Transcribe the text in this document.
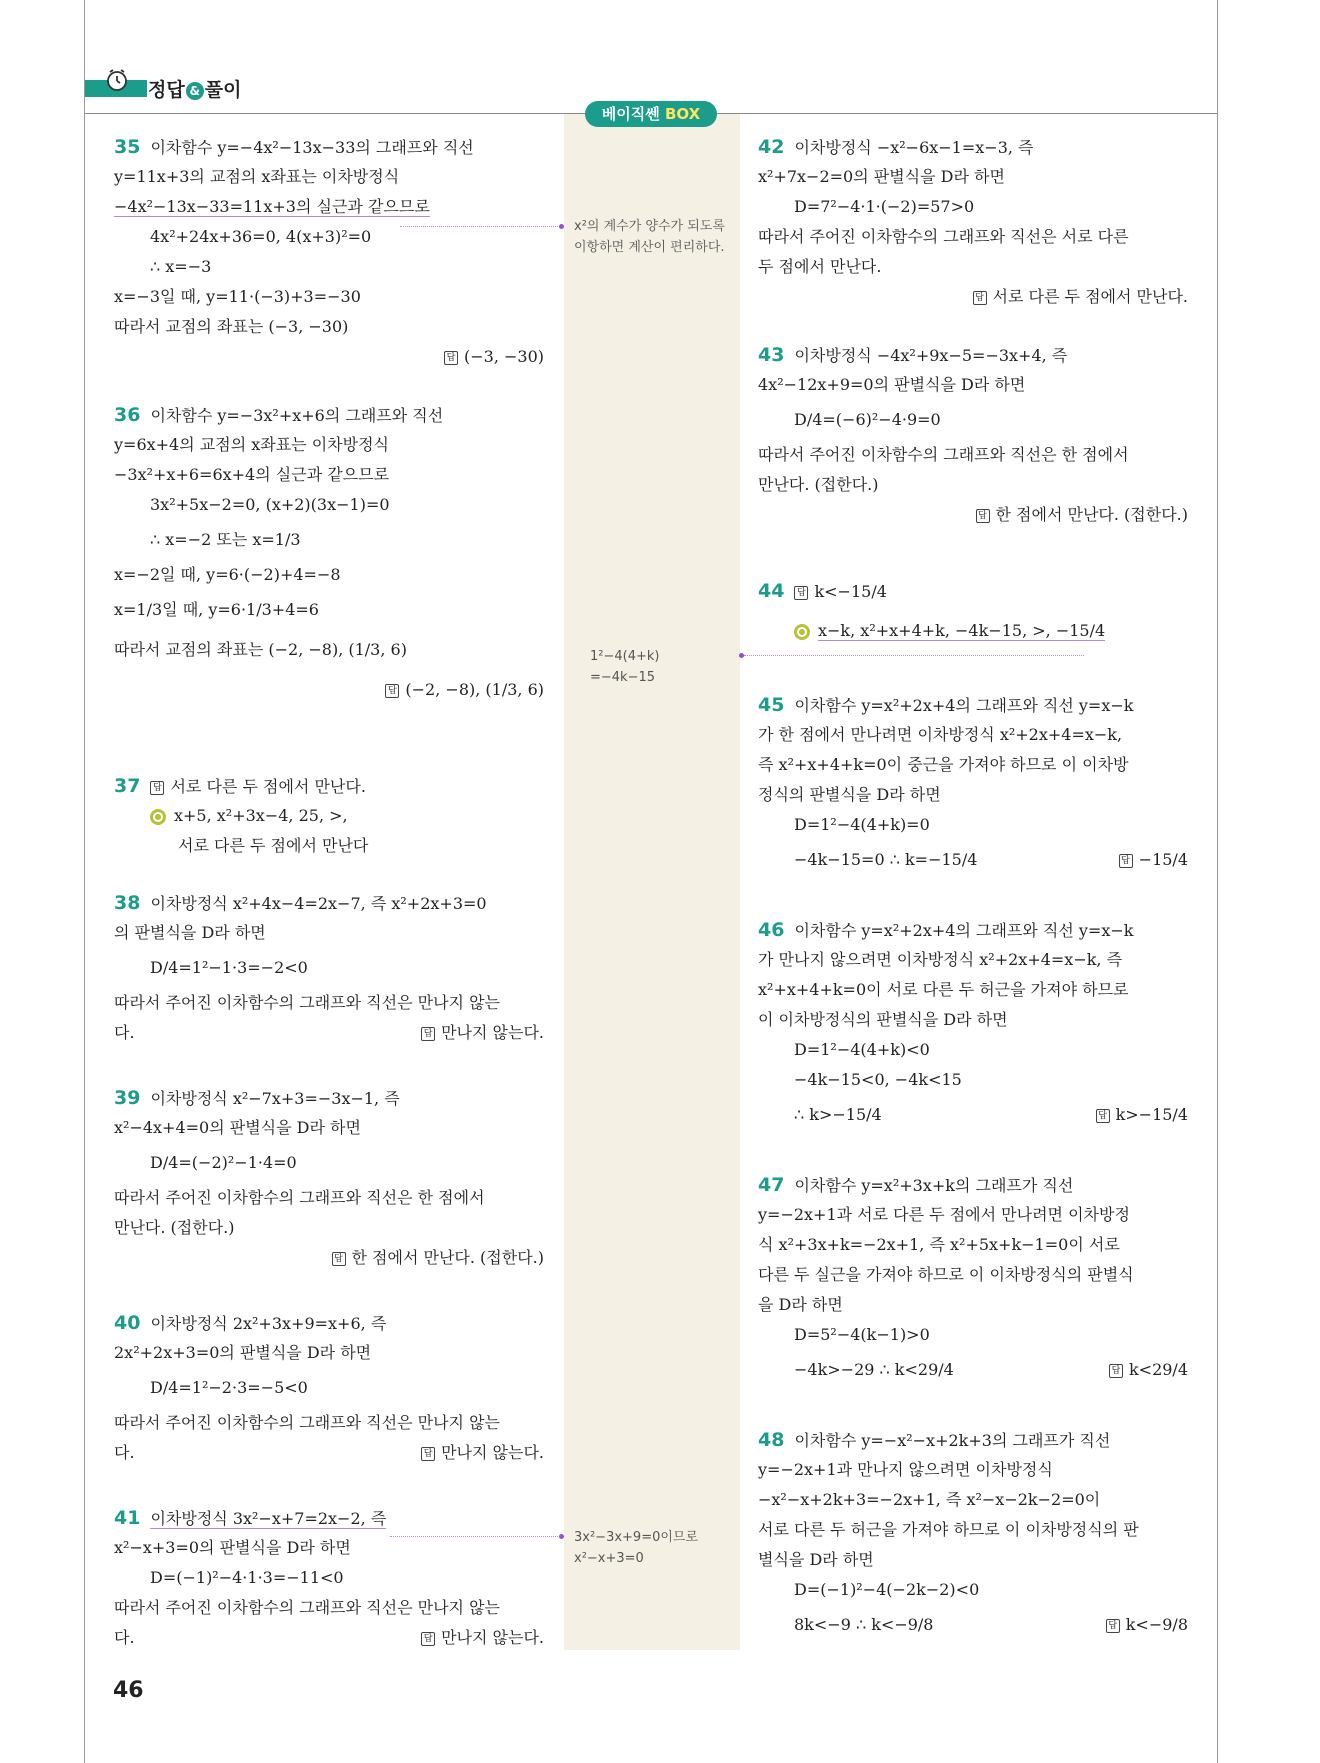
정답 & 풀이
베이직쎈 BOX
x²의 계수가 양수가 되도록 이항하면 계산이 편리하다.
1²−4(4+k) =−4k−15
3x²−3x+9=0이므로 x²−x+3=0
35 이차함수 y=−4x²−13x−33의 그래프와 직선
y=11x+3의 교점의 x좌표는 이차방정식
−4x²−13x−33=11x+3의 실근과 같으므로
4x²+24x+36=0, 4(x+3)²=0
∴ x=−3
x=−3일 때, y=11·(−3)+3=−30
따라서 교점의 좌표는 (−3, −30)
답 (−3, −30)
36 이차함수 y=−3x²+x+6의 그래프와 직선
y=6x+4의 교점의 x좌표는 이차방정식
−3x²+x+6=6x+4의 실근과 같으므로
3x²+5x−2=0, (x+2)(3x−1)=0
∴ x=−2 또는 x=1/3
x=−2일 때, y=6·(−2)+4=−8
x=1/3일 때, y=6·1/3+4=6
따라서 교점의 좌표는 (−2, −8), (1/3, 6)
답 (−2, −8), (1/3, 6)
37 답 서로 다른 두 점에서 만난다.
x+5, x²+3x−4, 25, >,
서로 다른 두 점에서 만난다
38 이차방정식 x²+4x−4=2x−7, 즉 x²+2x+3=0
의 판별식을 D라 하면
D/4=1²−1·3=−2<0
따라서 주어진 이차함수의 그래프와 직선은 만나지 않는
다.	답 만나지 않는다.
39 이차방정식 x²−7x+3=−3x−1, 즉
x²−4x+4=0의 판별식을 D라 하면
D/4=(−2)²−1·4=0
따라서 주어진 이차함수의 그래프와 직선은 한 점에서
만난다. (접한다.)
답 한 점에서 만난다. (접한다.)
40 이차방정식 2x²+3x+9=x+6, 즉
2x²+2x+3=0의 판별식을 D라 하면
D/4=1²−2·3=−5<0
따라서 주어진 이차함수의 그래프와 직선은 만나지 않는
다.	답 만나지 않는다.
41 이차방정식 3x²−x+7=2x−2, 즉
x²−x+3=0의 판별식을 D라 하면
D=(−1)²−4·1·3=−11<0
따라서 주어진 이차함수의 그래프와 직선은 만나지 않는
다.	답 만나지 않는다.
42 이차방정식 −x²−6x−1=x−3, 즉
x²+7x−2=0의 판별식을 D라 하면
D=7²−4·1·(−2)=57>0
따라서 주어진 이차함수의 그래프와 직선은 서로 다른
두 점에서 만난다.
답 서로 다른 두 점에서 만난다.
43 이차방정식 −4x²+9x−5=−3x+4, 즉
4x²−12x+9=0의 판별식을 D라 하면
D/4=(−6)²−4·9=0
따라서 주어진 이차함수의 그래프와 직선은 한 점에서
만난다. (접한다.)
답 한 점에서 만난다. (접한다.)
44 답 k<−15/4
x−k, x²+x+4+k, −4k−15, >, −15/4
45 이차함수 y=x²+2x+4의 그래프와 직선 y=x−k
가 한 점에서 만나려면 이차방정식 x²+2x+4=x−k,
즉 x²+x+4+k=0이 중근을 가져야 하므로 이 이차방
정식의 판별식을 D라 하면
D=1²−4(4+k)=0
−4k−15=0 ∴ k=−15/4	답 −15/4
46 이차함수 y=x²+2x+4의 그래프와 직선 y=x−k
가 만나지 않으려면 이차방정식 x²+2x+4=x−k, 즉
x²+x+4+k=0이 서로 다른 두 허근을 가져야 하므로
이 이차방정식의 판별식을 D라 하면
D=1²−4(4+k)<0
−4k−15<0, −4k<15
∴ k>−15/4	답 k>−15/4
47 이차함수 y=x²+3x+k의 그래프가 직선
y=−2x+1과 서로 다른 두 점에서 만나려면 이차방정
식 x²+3x+k=−2x+1, 즉 x²+5x+k−1=0이 서로
다른 두 실근을 가져야 하므로 이 이차방정식의 판별식
을 D라 하면
D=5²−4(k−1)>0
−4k>−29 ∴ k<29/4	답 k<29/4
48 이차함수 y=−x²−x+2k+3의 그래프가 직선
y=−2x+1과 만나지 않으려면 이차방정식
−x²−x+2k+3=−2x+1, 즉 x²−x−2k−2=0이
서로 다른 두 허근을 가져야 하므로 이 이차방정식의 판
별식을 D라 하면
D=(−1)²−4(−2k−2)<0
8k<−9 ∴ k<−9/8	답 k<−9/8
46
